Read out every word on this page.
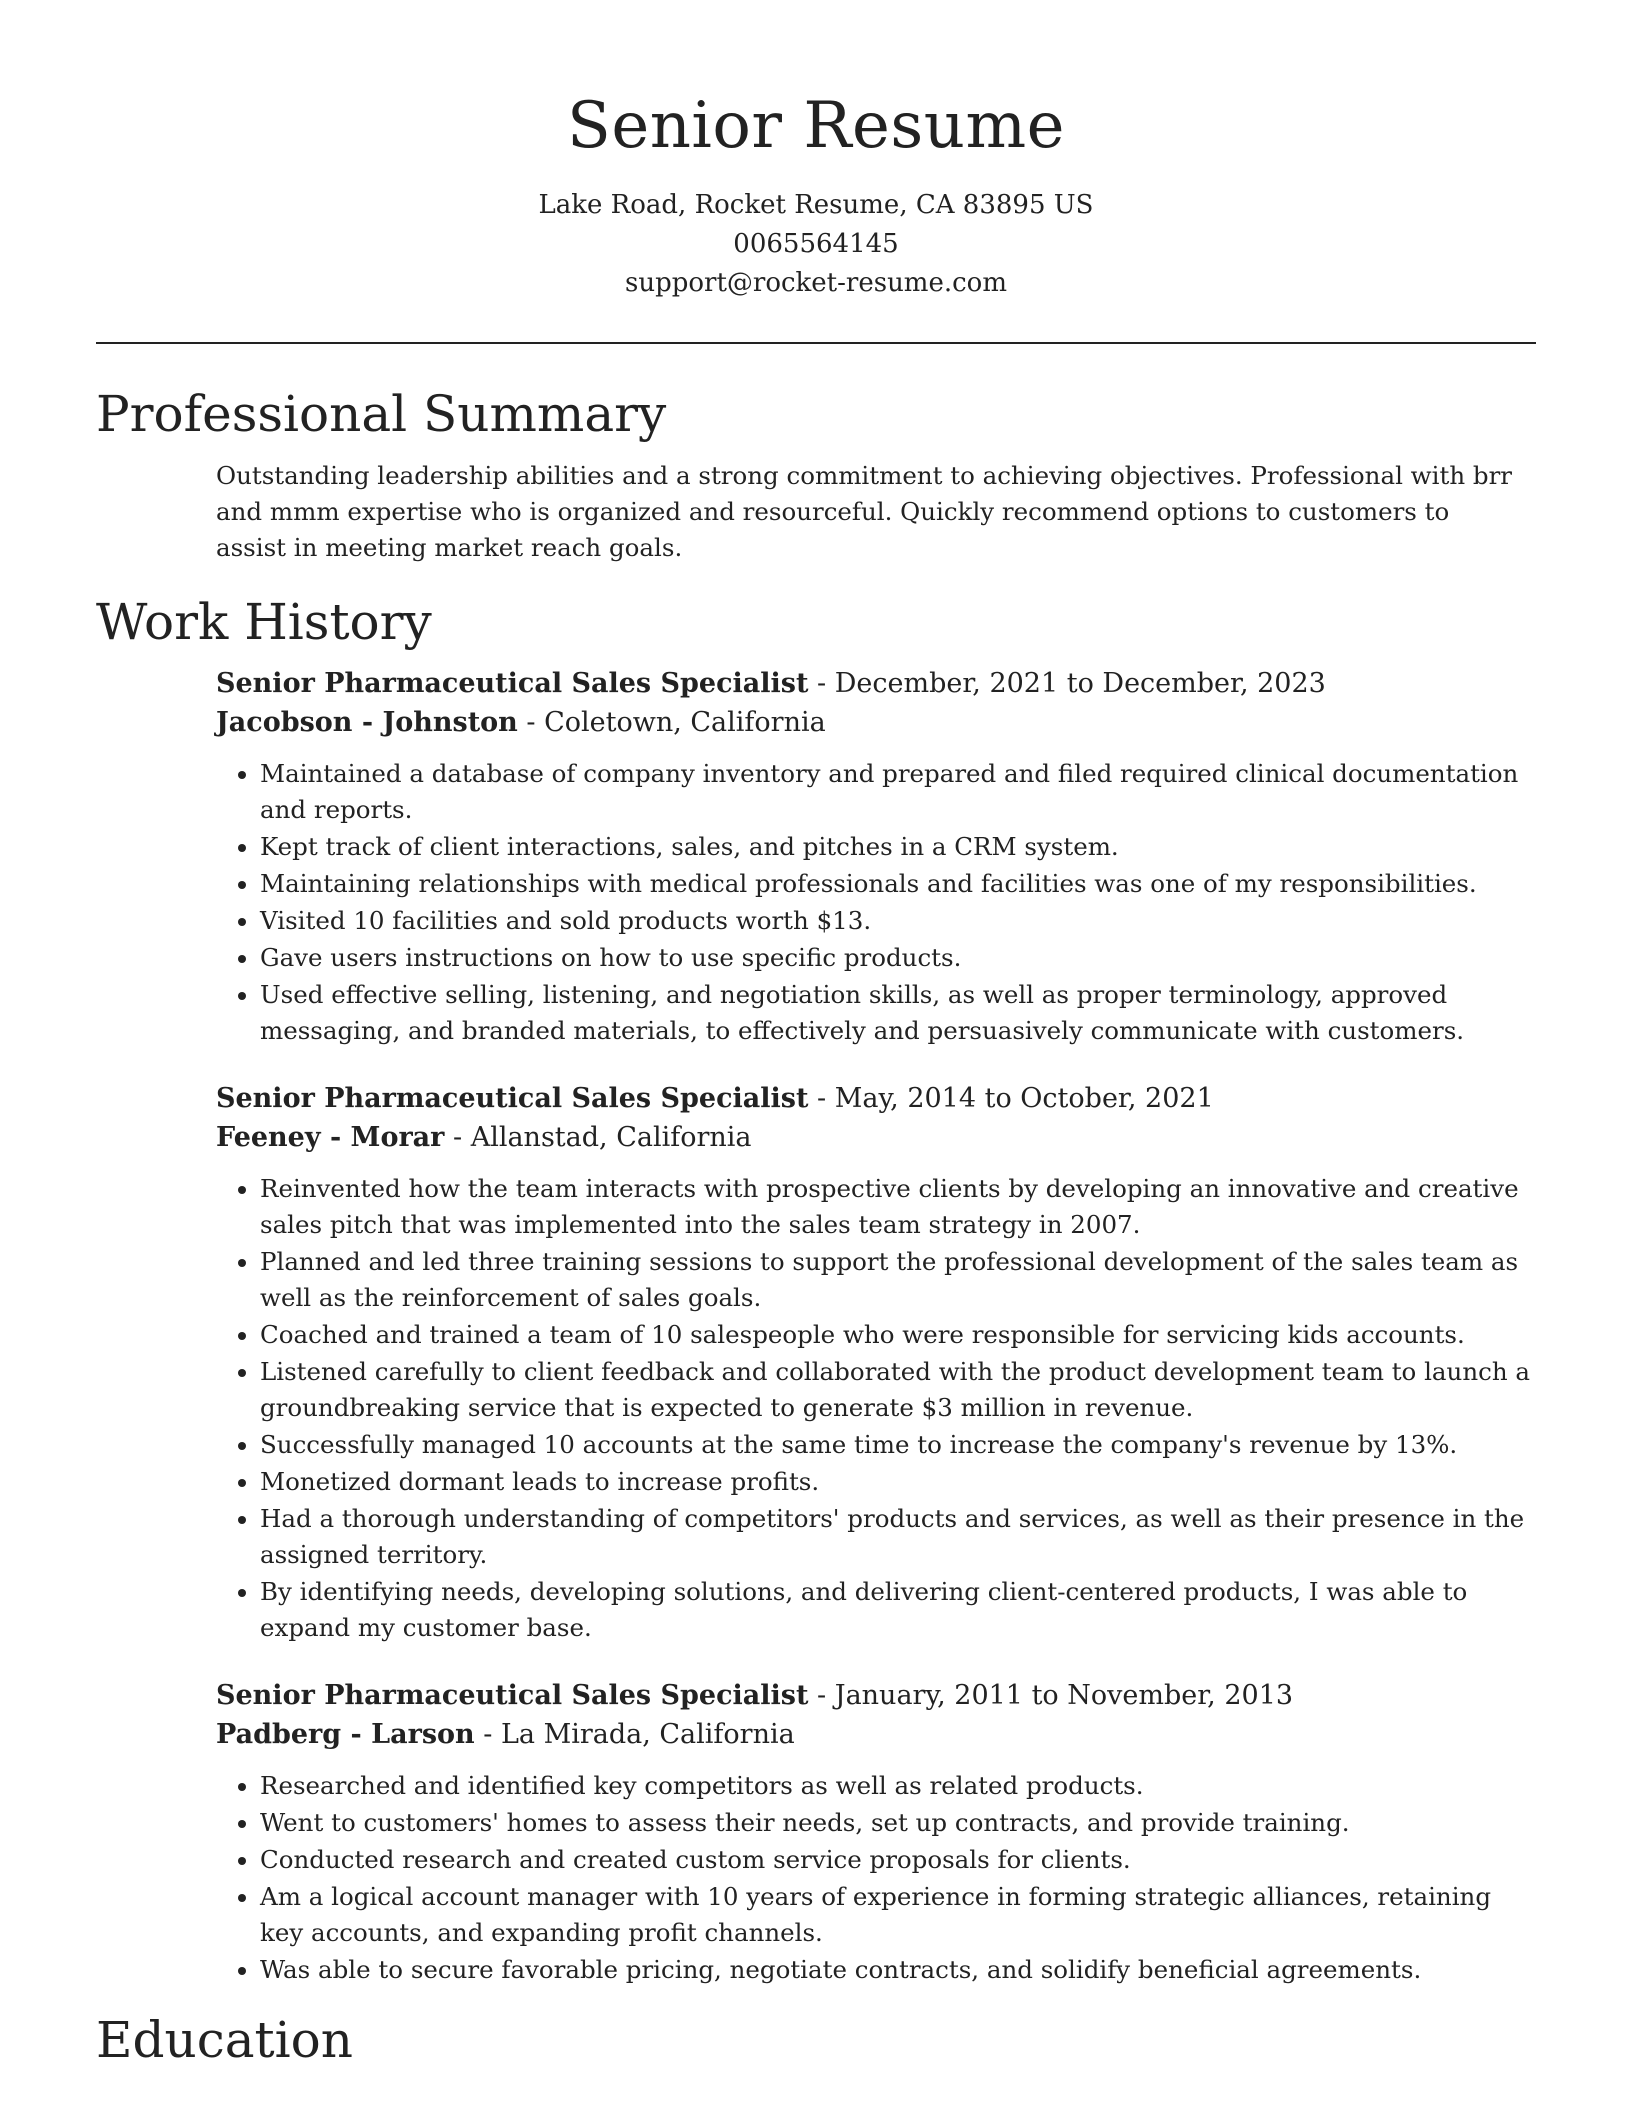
Senior Resume
Lake Road, Rocket Resume, CA 83895 US
0065564145
support@rocket-resume.com
Professional Summary

Outstanding leadership abilities and a strong commitment to achieving objectives. Professional with brr and mmm expertise who is organized and resourceful. Quickly recommend options to customers to assist in meeting market reach goals.

Work History
Senior Pharmaceutical Sales Specialist - December, 2021 to December, 2023
Jacobson - Johnston - Coletown, California
• Maintained a database of company inventory and prepared and filed required clinical documentation and reports.
• Kept track of client interactions, sales, and pitches in a CRM system.
• Maintaining relationships with medical professionals and facilities was one of my responsibilities.
• Visited 10 facilities and sold products worth $13.
• Gave users instructions on how to use specific products.
• Used effective selling, listening, and negotiation skills, as well as proper terminology, approved messaging, and branded materials, to effectively and persuasively communicate with customers.
Senior Pharmaceutical Sales Specialist - May, 2014 to October, 2021
Feeney - Morar - Allanstad, California
• Reinvented how the team interacts with prospective clients by developing an innovative and creative sales pitch that was implemented into the sales team strategy in 2007.
• Planned and led three training sessions to support the professional development of the sales team as well as the reinforcement of sales goals.
• Coached and trained a team of 10 salespeople who were responsible for servicing kids accounts.
• Listened carefully to client feedback and collaborated with the product development team to launch a groundbreaking service that is expected to generate $3 million in revenue.
• Successfully managed 10 accounts at the same time to increase the company's revenue by 13%.
• Monetized dormant leads to increase profits.
• Had a thorough understanding of competitors' products and services, as well as their presence in the assigned territory.
• By identifying needs, developing solutions, and delivering client-centered products, I was able to expand my customer base.
Senior Pharmaceutical Sales Specialist - January, 2011 to November, 2013
Padberg - Larson - La Mirada, California
• Researched and identified key competitors as well as related products.
• Went to customers' homes to assess their needs, set up contracts, and provide training.
• Conducted research and created custom service proposals for clients.
• Am a logical account manager with 10 years of experience in forming strategic alliances, retaining key accounts, and expanding profit channels.
• Was able to secure favorable pricing, negotiate contracts, and solidify beneficial agreements.
Education
